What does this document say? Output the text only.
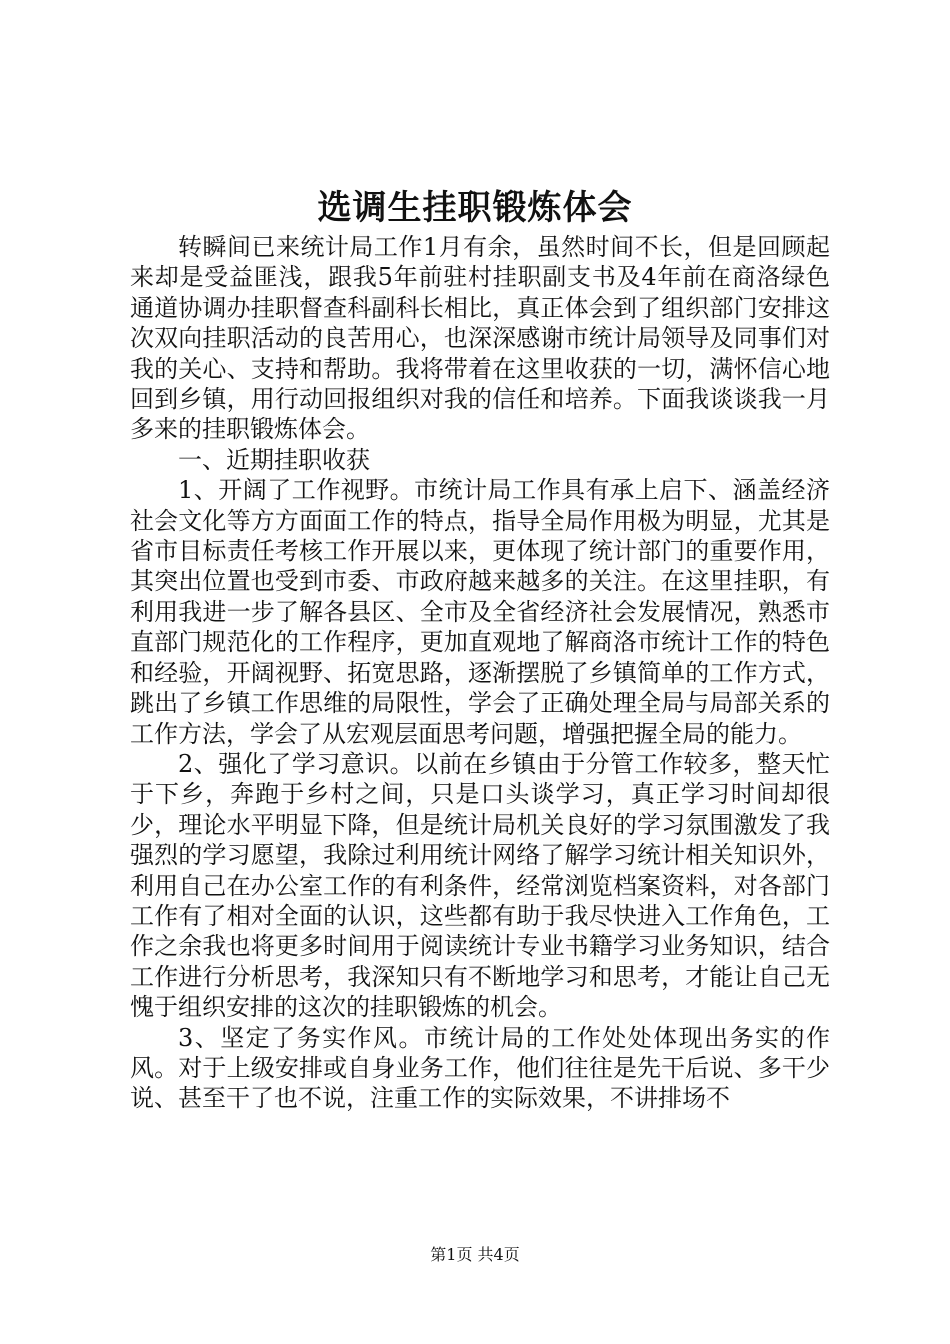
选调生挂职锻炼体会

转瞬间已来统计局工作1月有余，虽然时间不长，但是回顾起来却是受益匪浅，跟我5年前驻村挂职副支书及4年前在商洛绿色通道协调办挂职督查科副科长相比，真正体会到了组织部门安排这次双向挂职活动的良苦用心，也深深感谢市统计局领导及同事们对我的关心、支持和帮助。我将带着在这里收获的一切，满怀信心地回到乡镇，用行动回报组织对我的信任和培养。下面我谈谈我一月多来的挂职锻炼体会。

一、近期挂职收获

1、开阔了工作视野。市统计局工作具有承上启下、涵盖经济社会文化等方方面面工作的特点，指导全局作用极为明显，尤其是省市目标责任考核工作开展以来，更体现了统计部门的重要作用，其突出位置也受到市委、市政府越来越多的关注。在这里挂职，有利用我进一步了解各县区、全市及全省经济社会发展情况，熟悉市直部门规范化的工作程序，更加直观地了解商洛市统计工作的特色和经验，开阔视野、拓宽思路，逐渐摆脱了乡镇简单的工作方式，跳出了乡镇工作思维的局限性，学会了正确处理全局与局部关系的工作方法，学会了从宏观层面思考问题，增强把握全局的能力。

2、强化了学习意识。以前在乡镇由于分管工作较多，整天忙于下乡，奔跑于乡村之间，只是口头谈学习，真正学习时间却很少，理论水平明显下降，但是统计局机关良好的学习氛围激发了我强烈的学习愿望，我除过利用统计网络了解学习统计相关知识外，利用自己在办公室工作的有利条件，经常浏览档案资料，对各部门工作有了相对全面的认识，这些都有助于我尽快进入工作角色，工作之余我也将更多时间用于阅读统计专业书籍学习业务知识，结合工作进行分析思考，我深知只有不断地学习和思考，才能让自己无愧于组织安排的这次的挂职锻炼的机会。

3、坚定了务实作风。市统计局的工作处处体现出务实的作风。对于上级安排或自身业务工作，他们往往是先干后说、多干少说、甚至干了也不说，注重工作的实际效果，不讲排场不

第1页 共4页
